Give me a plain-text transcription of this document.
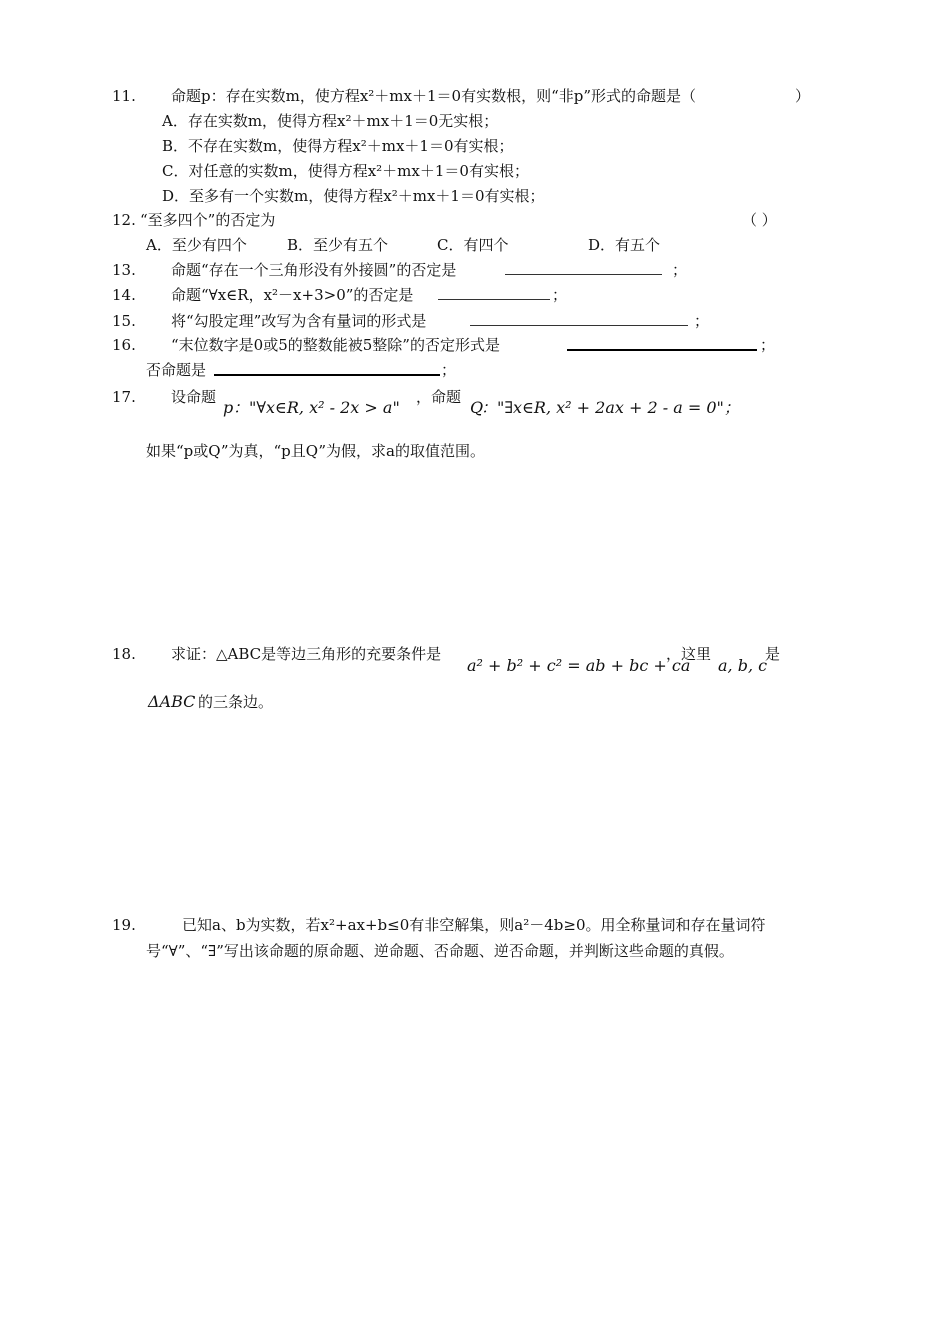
11. 命题p：存在实数m，使方程x²＋mx＋1＝0有实数根，则“非p”形式的命题是（	）
A．存在实数m，使得方程x²＋mx＋1＝0无实根；
B．不存在实数m，使得方程x²＋mx＋1＝0有实根；
C．对任意的实数m，使得方程x²＋mx＋1＝0有实根；
D．至多有一个实数m，使得方程x²＋mx＋1＝0有实根；
12. “至多四个”的否定为	（ ）
A．至少有四个	B．至少有五个	C．有四个	D．有五个
13. 命题“存在一个三角形没有外接圆”的否定是	；
14. 命题“∀x∈R，x²－x+3>0”的否定是	；
15. 将“勾股定理”改写为含有量词的形式是	；
16. “末位数字是0或5的整数能被5整除”的否定形式是	；
否命题是	；
17. 设命题
p ："∀x∈R, x² - 2x > a"
，命题
Q
："∃x∈R, x² + 2ax + 2 - a = 0"；
如果“p或Q”为真，“p且Q”为假，求a的取值范围。
18. 求证：△ABC是等边三角形的充要条件是
a² + b² + c² = ab + bc + ca
，这里
a, b, c
是
ΔABC 的三条边。
19.	已知a、b为实数，若x²+ax+b≤0有非空解集，则a²－4b≥0。用全称量词和存在量词符
号“∀”、“∃”写出该命题的原命题、逆命题、否命题、逆否命题，并判断这些命题的真假。
